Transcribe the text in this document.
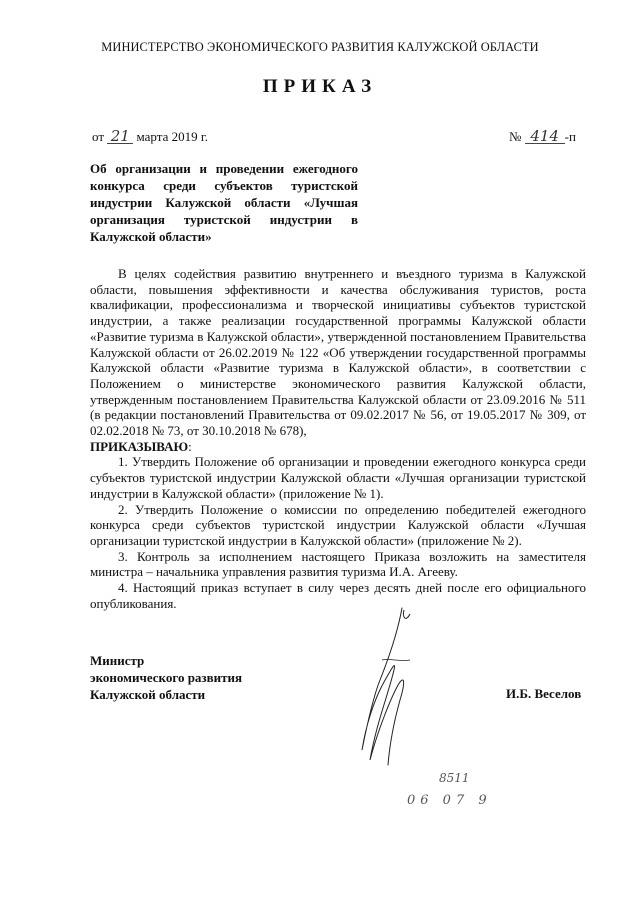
МИНИСТЕРСТВО ЭКОНОМИЧЕСКОГО РАЗВИТИЯ КАЛУЖСКОЙ ОБЛАСТИ
ПРИКАЗ
от 21 марта 2019 г.	№ 414 -п
Об организации и проведении ежегодного конкурса среди субъектов туристской индустрии Калужской области «Лучшая организация туристской индустрии в Калужской области»

В целях содействия развитию внутреннего и въездного туризма в Калужской области, повышения эффективности и качества обслуживания туристов, роста квалификации, профессионализма и творческой инициативы субъектов туристской индустрии, а также реализации государственной программы Калужской области «Развитие туризма в Калужской области», утвержденной постановлением Правительства Калужской области от 26.02.2019 № 122 «Об утверждении государственной программы Калужской области «Развитие туризма в Калужской области», в соответствии с Положением о министерстве экономического развития Калужской области, утвержденным постановлением Правительства Калужской области от 23.09.2016 № 511 (в редакции постановлений Правительства от 09.02.2017 № 56, от 19.05.2017 № 309, от 02.02.2018 № 73, от 30.10.2018 № 678),

ПРИКАЗЫВАЮ:

1. Утвердить Положение об организации и проведении ежегодного конкурса среди субъектов туристской индустрии Калужской области «Лучшая организации туристской индустрии в Калужской области» (приложение № 1).

2. Утвердить Положение о комиссии по определению победителей ежегодного конкурса среди субъектов туристской индустрии Калужской области «Лучшая организации туристской индустрии в Калужской области» (приложение № 2).

3. Контроль за исполнением настоящего Приказа возложить на заместителя министра – начальника управления развития туризма И.А. Агееву.

4. Настоящий приказ вступает в силу через десять дней после его официального опубликования.

Министр
экономического развития
Калужской области	И.Б. Веселов
8511
06 07 9
